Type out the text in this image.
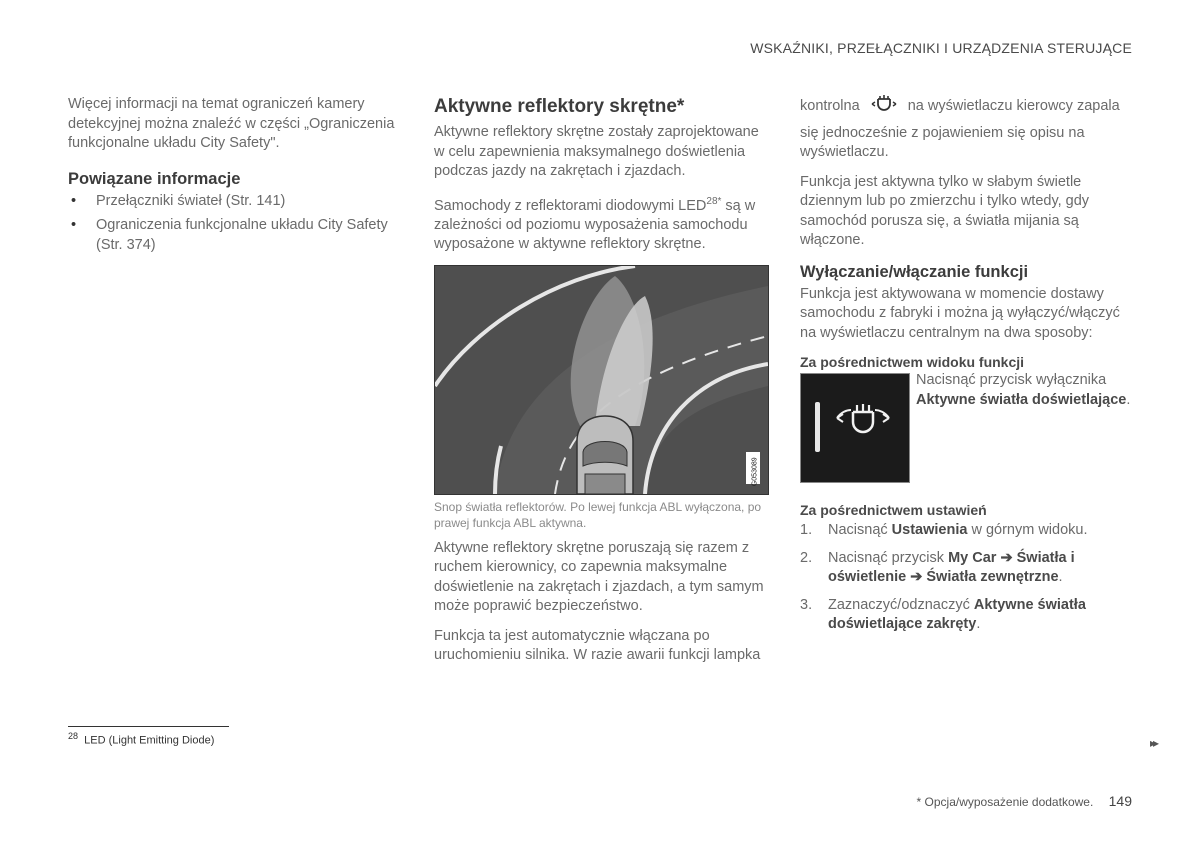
WSKAŹNIKI, PRZEŁĄCZNIKI I URZĄDZENIA STERUJĄCE

Więcej informacji na temat ograniczeń kamery detekcyjnej można znaleźć w części „Ograniczenia funkcjonalne układu City Safety".

Powiązane informacje
• Przełączniki świateł (Str. 141)
• Ograniczenia funkcjonalne układu City Safety (Str. 374)
Aktywne reflektory skrętne*

Aktywne reflektory skrętne zostały zaprojektowane w celu zapewnienia maksymalnego doświetlenia podczas jazdy na zakrętach i zjazdach.

Samochody z reflektorami diodowymi $LED^{28*}$ są w zależności od poziomu wyposażenia samochodu wyposażone w aktywne reflektory skrętne.

G053089
Snop światła reflektorów. Po lewej funkcja ABL wyłączona, po prawej funkcja ABL aktywna.

Aktywne reflektory skrętne poruszają się razem z ruchem kierownicy, co zapewnia maksymalne doświetlenie na zakrętach i zjazdach, a tym samym może poprawić bezpieczeństwo.

Funkcja ta jest automatycznie włączana po uruchomieniu silnika. W razie awarii funkcji lampka

kontrolna	na wyświetlaczu kierowcy zapala się jednocześnie z pojawieniem się opisu na wyświetlaczu.

Funkcja jest aktywna tylko w słabym świetle dziennym lub po zmierzchu i tylko wtedy, gdy samochód porusza się, a światła mijania są włączone.

Wyłączanie/włączanie funkcji

Funkcja jest aktywowana w momencie dostawy samochodu z fabryki i można ją wyłączyć/włączyć na wyświetlaczu centralnym na dwa sposoby:

Za pośrednictwem widoku funkcji
Nacisnąć przycisk wyłącznika
Aktywne światła doświetlające.
Za pośrednictwem ustawień
1. Nacisnąć Ustawienia w górnym widoku.
2. Nacisnąć przycisk My Car ➔ Światła i oświetlenie ➔ Światła zewnętrzne.
3. Zaznaczyć/odznaczyć Aktywne światła doświetlające zakręty.
$^{28}$ LED (Light Emitting Diode)	▸▸
* Opcja/wyposażenie dodatkowe. 149
